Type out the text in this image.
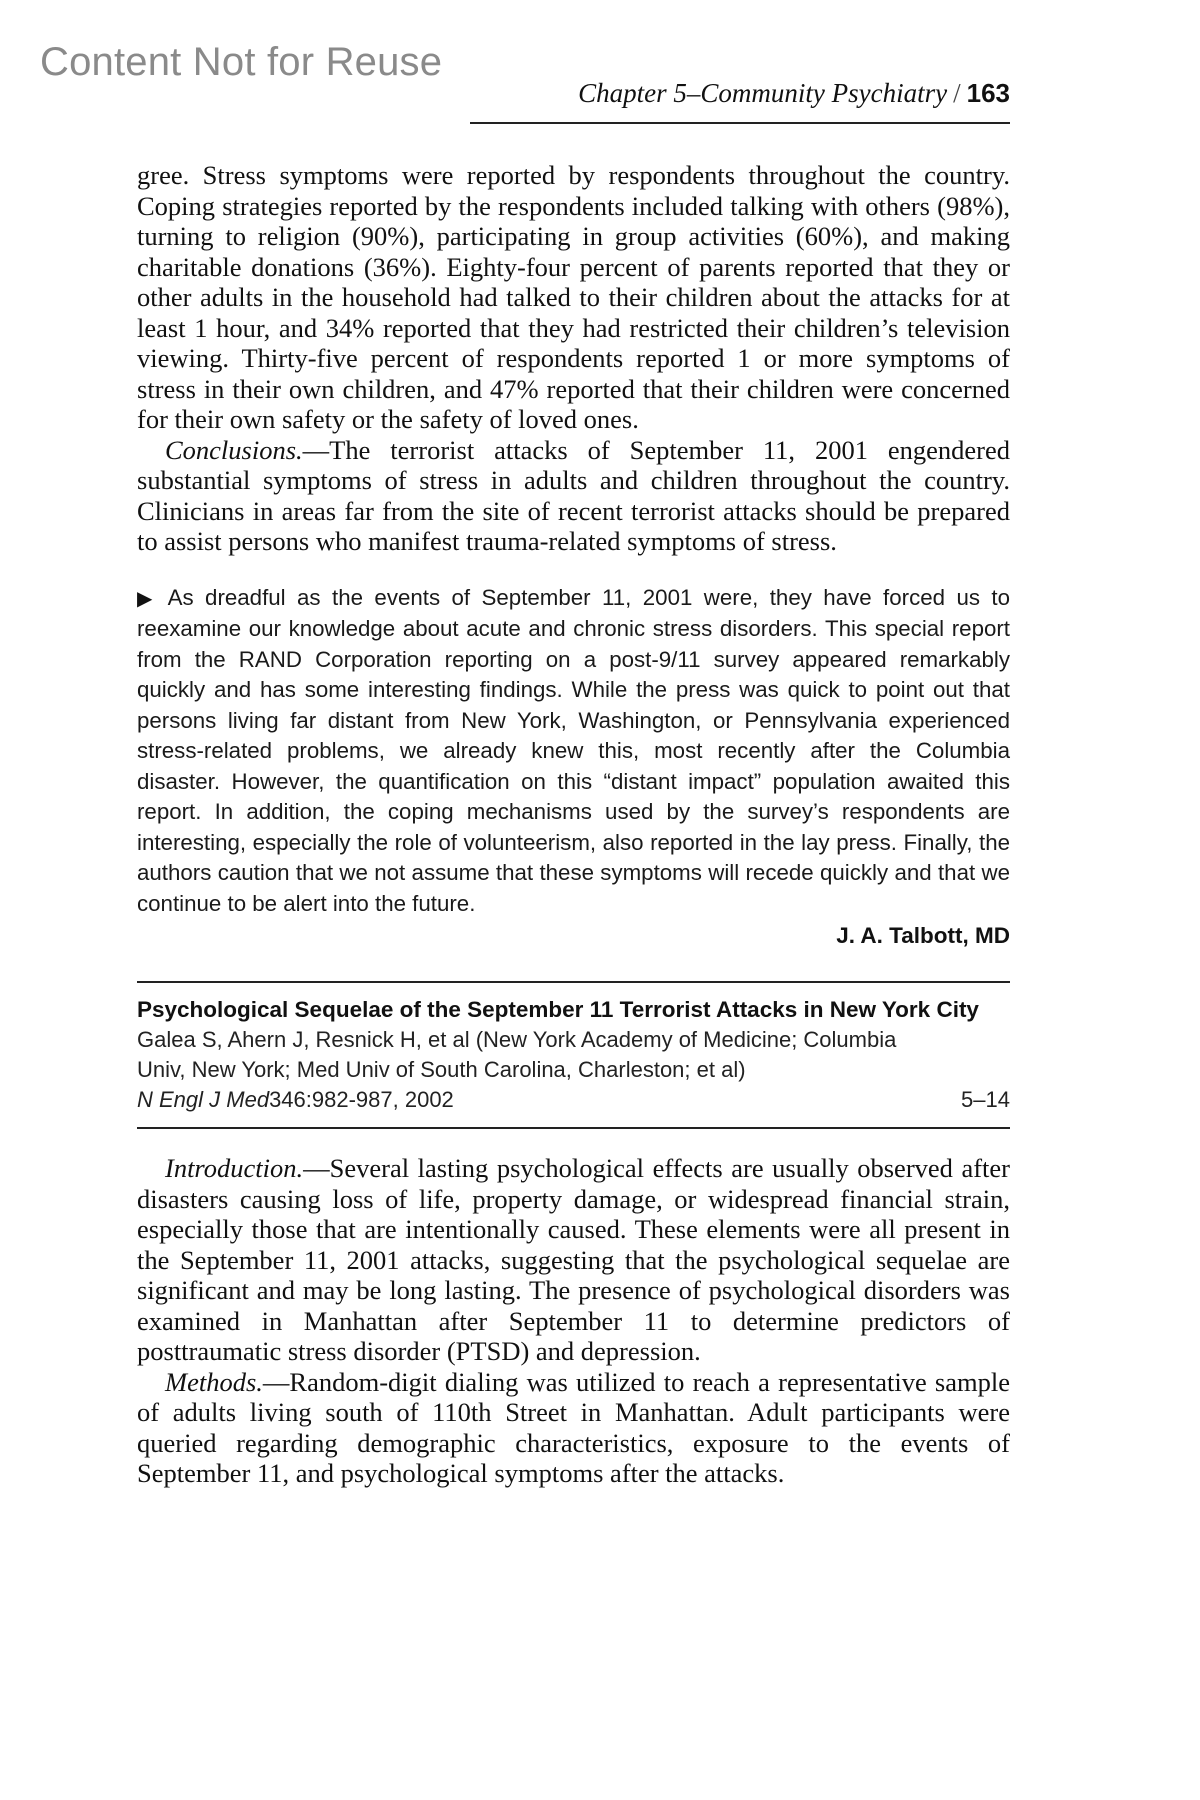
Content Not for Reuse
Chapter 5–Community Psychiatry / 163

gree. Stress symptoms were reported by respondents throughout the country. Coping strategies reported by the respondents included talking with others (98%), turning to religion (90%), participating in group activities (60%), and making charitable donations (36%). Eighty-four percent of parents reported that they or other adults in the household had talked to their children about the attacks for at least 1 hour, and 34% reported that they had restricted their children’s television viewing. Thirty-five percent of respondents reported 1 or more symptoms of stress in their own children, and 47% reported that their children were concerned for their own safety or the safety of loved ones.

Conclusions.—The terrorist attacks of September 11, 2001 engendered substantial symptoms of stress in adults and children throughout the country. Clinicians in areas far from the site of recent terrorist attacks should be prepared to assist persons who manifest trauma-related symptoms of stress.

▶ As dreadful as the events of September 11, 2001 were, they have forced us to reexamine our knowledge about acute and chronic stress disorders. This special report from the RAND Corporation reporting on a post-9/11 survey appeared remarkably quickly and has some interesting findings. While the press was quick to point out that persons living far distant from New York, Washington, or Pennsylvania experienced stress-related problems, we already knew this, most recently after the Columbia disaster. However, the quantification on this “distant impact” population awaited this report. In addition, the coping mechanisms used by the survey’s respondents are interesting, especially the role of volunteerism, also reported in the lay press. Finally, the authors caution that we not assume that these symptoms will recede quickly and that we continue to be alert into the future.
J. A. Talbott, MD

Psychological Sequelae of the September 11 Terrorist Attacks in New York City

Galea S, Ahern J, Resnick H, et al (New York Academy of Medicine; Columbia

Univ, New York; Med Univ of South Carolina, Charleston; et al)

N Engl J Med346:982-987, 2002	5–14

Introduction.—Several lasting psychological effects are usually observed after disasters causing loss of life, property damage, or widespread financial strain, especially those that are intentionally caused. These elements were all present in the September 11, 2001 attacks, suggesting that the psychological sequelae are significant and may be long lasting. The presence of psychological disorders was examined in Manhattan after September 11 to determine predictors of posttraumatic stress disorder (PTSD) and depression.

Methods.—Random-digit dialing was utilized to reach a representative sample of adults living south of 110th Street in Manhattan. Adult participants were queried regarding demographic characteristics, exposure to the events of September 11, and psychological symptoms after the attacks.
